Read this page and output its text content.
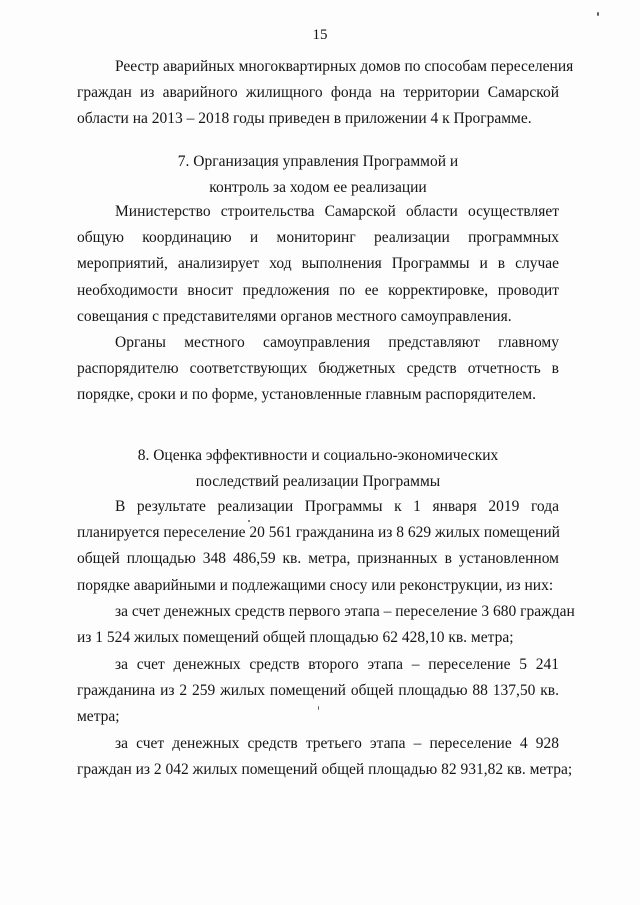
15
Реестр аварийных многоквартирных домов по способам переселения
граждан из аварийного жилищного фонда на территории Самарской
области на 2013 – 2018 годы приведен в приложении 4 к Программе.
7. Организация управления Программой и
контроль за ходом ее реализации
Министерство строительства Самарской области осуществляет
общую координацию и мониторинг реализации программных
мероприятий, анализирует ход выполнения Программы и в случае
необходимости вносит предложения по ее корректировке, проводит
совещания с представителями органов местного самоуправления.
Органы местного самоуправления представляют главному
распорядителю соответствующих бюджетных средств отчетность в
порядке, сроки и по форме, установленные главным распорядителем.
8. Оценка эффективности и социально-экономических
последствий реализации Программы
В результате реализации Программы к 1 января 2019 года
планируется переселение 20 561 гражданина из 8 629 жилых помещений
общей площадью 348 486,59 кв. метра, признанных в установленном
порядке аварийными и подлежащими сносу или реконструкции, из них:
за счет денежных средств первого этапа – переселение 3 680 граждан
из 1 524 жилых помещений общей площадью 62 428,10 кв. метра;
за счет денежных средств второго этапа – переселение 5 241
гражданина из 2 259 жилых помещений общей площадью 88 137,50 кв.
метра;
за счет денежных средств третьего этапа – переселение 4 928
граждан из 2 042 жилых помещений общей площадью 82 931,82 кв. метра;
